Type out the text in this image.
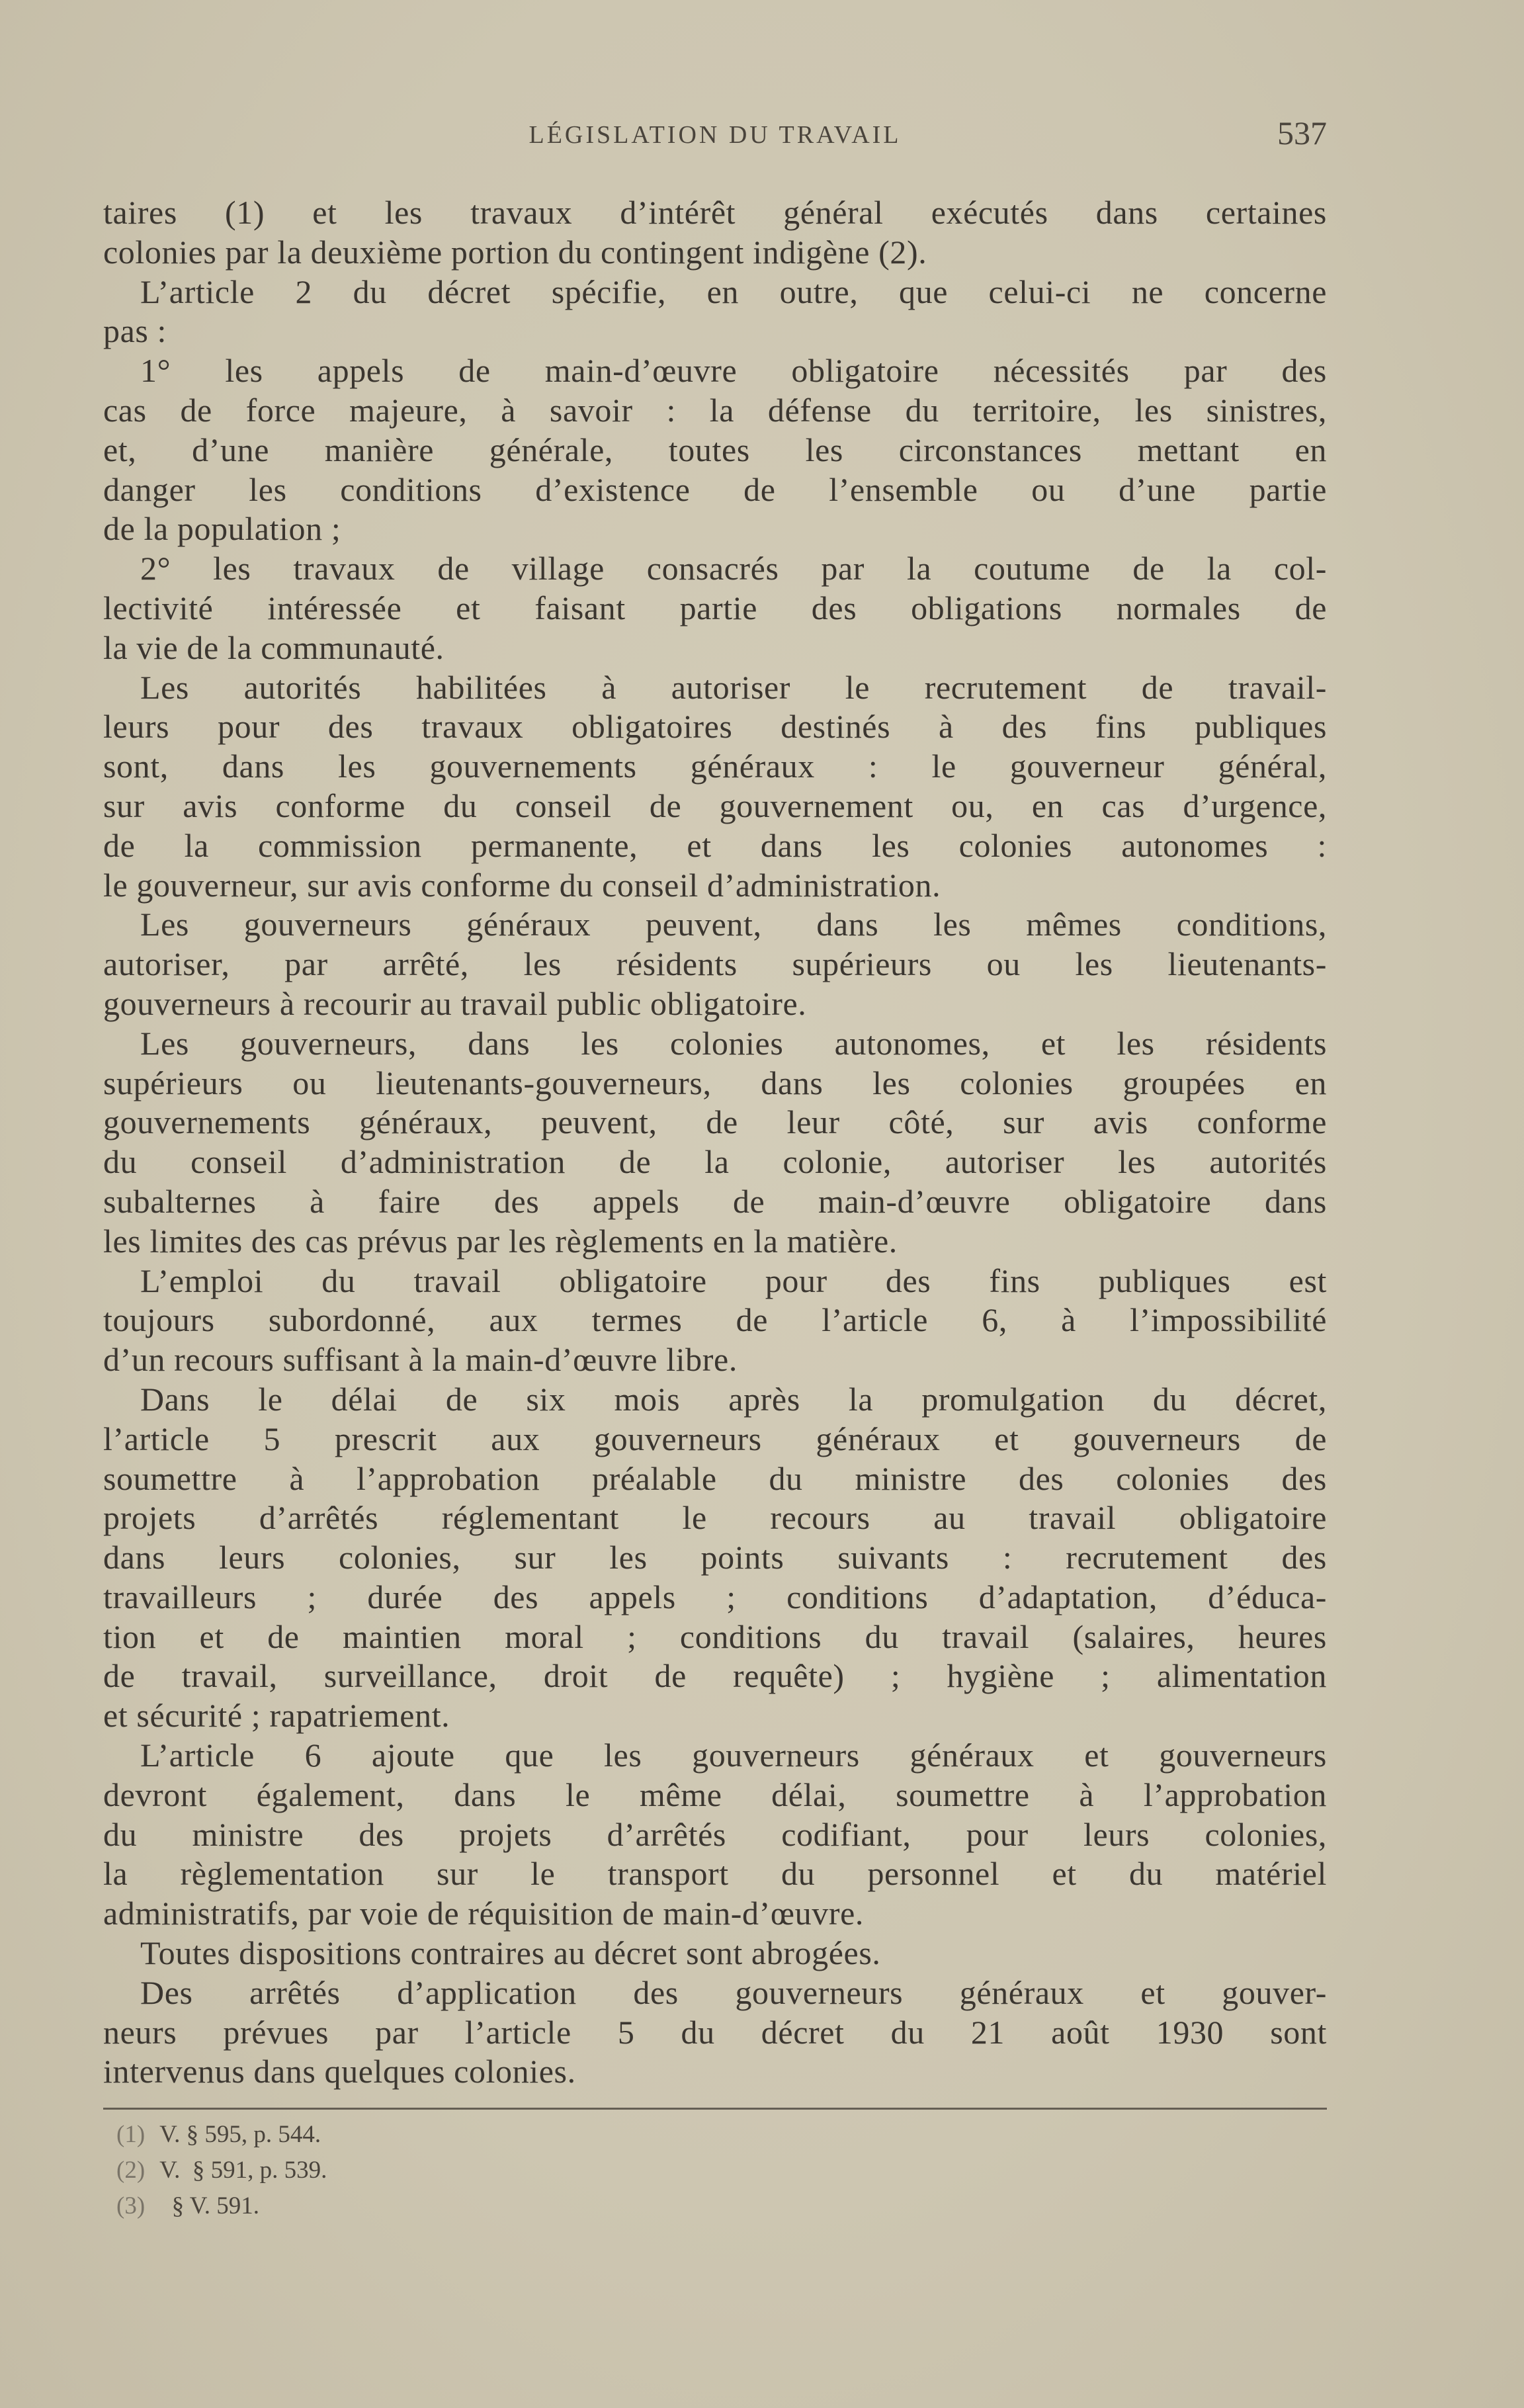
LÉGISLATION DU TRAVAIL	537
taires (1) et les travaux d’intérêt général exécutés dans certaines
colonies par la deuxième portion du contingent indigène (2).
L’article 2 du décret spécifie, en outre, que celui-ci ne concerne
pas :
1° les appels de main-d’œuvre obligatoire nécessités par des
cas de force majeure, à savoir : la défense du territoire, les sinistres,
et, d’une manière générale, toutes les circonstances mettant en
danger les conditions d’existence de l’ensemble ou d’une partie
de la population ;
2° les travaux de village consacrés par la coutume de la col-
lectivité intéressée et faisant partie des obligations normales de
la vie de la communauté.
Les autorités habilitées à autoriser le recrutement de travail-
leurs pour des travaux obligatoires destinés à des fins publiques
sont, dans les gouvernements généraux : le gouverneur général,
sur avis conforme du conseil de gouvernement ou, en cas d’urgence,
de la commission permanente, et dans les colonies autonomes :
le gouverneur, sur avis conforme du conseil d’administration.
Les gouverneurs généraux peuvent, dans les mêmes conditions,
autoriser, par arrêté, les résidents supérieurs ou les lieutenants-
gouverneurs à recourir au travail public obligatoire.
Les gouverneurs, dans les colonies autonomes, et les résidents
supérieurs ou lieutenants-gouverneurs, dans les colonies groupées en
gouvernements généraux, peuvent, de leur côté, sur avis conforme
du conseil d’administration de la colonie, autoriser les autorités
subalternes à faire des appels de main-d’œuvre obligatoire dans
les limites des cas prévus par les règlements en la matière.
L’emploi du travail obligatoire pour des fins publiques est
toujours subordonné, aux termes de l’article 6, à l’impossibilité
d’un recours suffisant à la main-d’œuvre libre.
Dans le délai de six mois après la promulgation du décret,
l’article 5 prescrit aux gouverneurs généraux et gouverneurs de
soumettre à l’approbation préalable du ministre des colonies des
projets d’arrêtés réglementant le recours au travail obligatoire
dans leurs colonies, sur les points suivants : recrutement des
travailleurs ; durée des appels ; conditions d’adaptation, d’éduca-
tion et de maintien moral ; conditions du travail (salaires, heures
de travail, surveillance, droit de requête) ; hygiène ; alimentation
et sécurité ; rapatriement.
L’article 6 ajoute que les gouverneurs généraux et gouverneurs
devront également, dans le même délai, soumettre à l’approbation
du ministre des projets d’arrêtés codifiant, pour leurs colonies,
la règlementation sur le transport du personnel et du matériel
administratifs, par voie de réquisition de main-d’œuvre.
Toutes dispositions contraires au décret sont abrogées.
Des arrêtés d’application des gouverneurs généraux et gouver-
neurs prévues par l’article 5 du décret du 21 août 1930 sont
intervenus dans quelques colonies.
(1) V. § 595, p. 544.
(2) V.  § 591, p. 539.
(3)  § V. 591.
